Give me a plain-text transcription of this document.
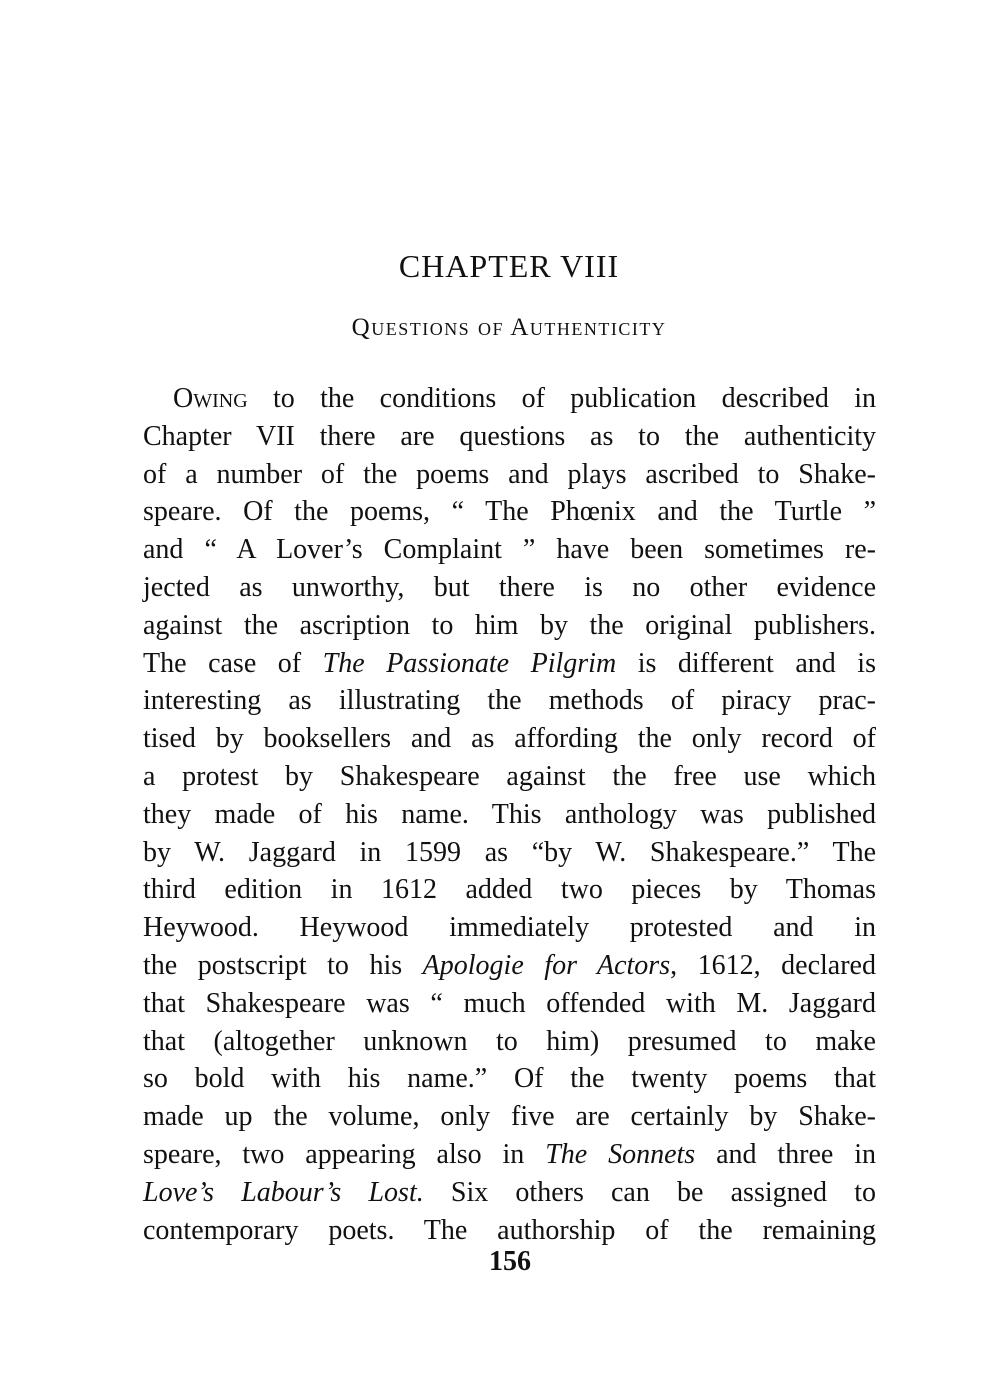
CHAPTER VIII
Questions of Authenticity
Owing to the conditions of publication described in
Chapter VII there are questions as to the authenticity
of a number of the poems and plays ascribed to Shake-
speare. Of the poems, “ The Phœnix and the Turtle ”
and “ A Lover’s Complaint ” have been sometimes re-
jected as unworthy, but there is no other evidence
against the ascription to him by the original publishers.
The case of The Passionate Pilgrim is different and is
interesting as illustrating the methods of piracy prac-
tised by booksellers and as affording the only record of
a protest by Shakespeare against the free use which
they made of his name. This anthology was published
by W. Jaggard in 1599 as “by W. Shakespeare.” The
third edition in 1612 added two pieces by Thomas
Heywood. Heywood immediately protested and in
the postscript to his Apologie for Actors, 1612, declared
that Shakespeare was “ much offended with M. Jaggard
that (altogether unknown to him) presumed to make
so bold with his name.” Of the twenty poems that
made up the volume, only five are certainly by Shake-
speare, two appearing also in The Sonnets and three in
Love’s Labour’s Lost. Six others can be assigned to
contemporary poets. The authorship of the remaining
156
